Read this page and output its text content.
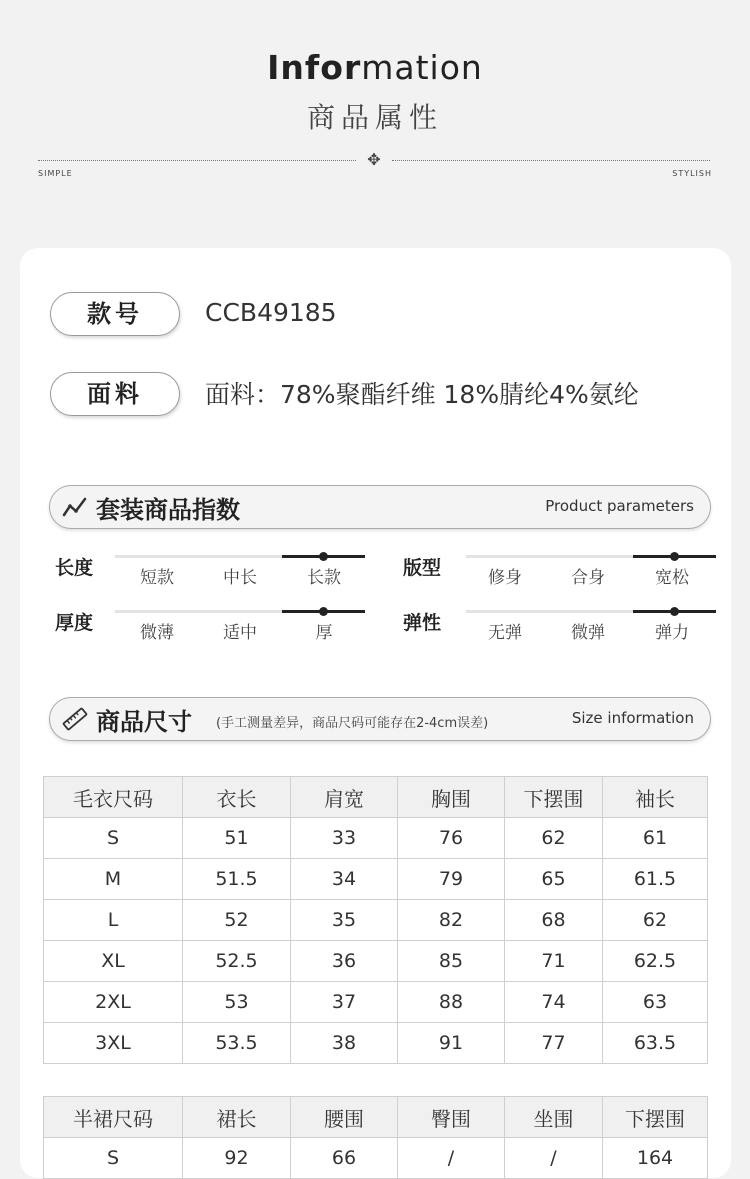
Information
商品属性
✥
SIMPLE	STYLISH
款号	CCB49185
面料	面料：78%聚酯纤维 18%腈纶4%氨纶
套装商品指数	Product parameters
长度	短款	中长	长款	版型	修身	合身	宽松
厚度	微薄	适中	厚	弹性	无弹	微弹	弹力
商品尺寸 (手工测量差异，商品尺码可能存在2-4cm误差)	Size information
毛衣尺码	衣长	肩宽	胸围	下摆围	袖长
S	51	33	76	62	61
M	51.5	34	79	65	61.5
L	52	35	82	68	62
XL	52.5	36	85	71	62.5
2XL	53	37	88	74	63
3XL	53.5	38	91	77	63.5
半裙尺码	裙长	腰围	臀围	坐围	下摆围
S	92	66	/	/	164
